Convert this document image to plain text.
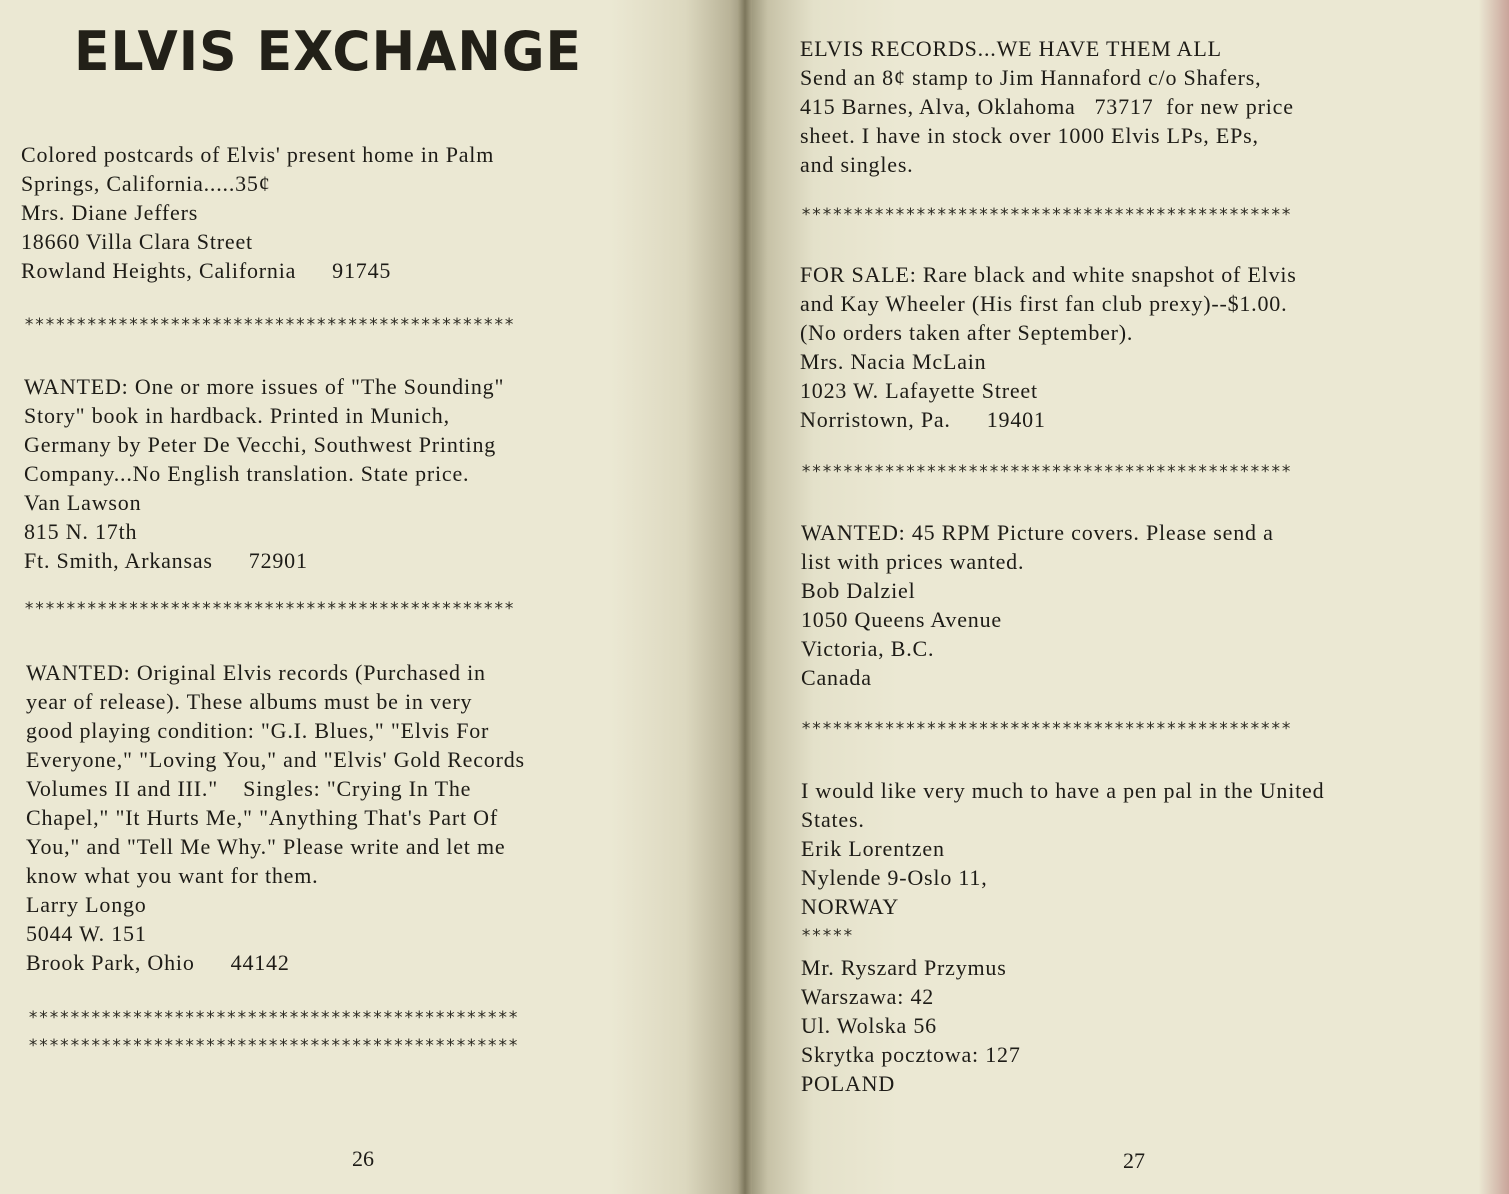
ELVIS EXCHANGE

Colored postcards of Elvis' present home in Palm

Springs, California.....35¢

Mrs. Diane Jeffers

18660 Villa Clara Street

Rowland Heights, California 91745

***********************************************

WANTED: One or more issues of "The Sounding"

Story" book in hardback. Printed in Munich,

Germany by Peter De Vecchi, Southwest Printing

Company...No English translation. State price.

Van Lawson

815 N. 17th

Ft. Smith, Arkansas 72901

***********************************************

WANTED: Original Elvis records (Purchased in

year of release). These albums must be in very

good playing condition: "G.I. Blues," "Elvis For

Everyone," "Loving You," and "Elvis' Gold Records

Volumes II and III."    Singles: "Crying In The

Chapel," "It Hurts Me," "Anything That's Part Of

You," and "Tell Me Why." Please write and let me

know what you want for them.

Larry Longo

5044 W. 151

Brook Park, Ohio 44142

***********************************************
***********************************************
26

ELVIS RECORDS...WE HAVE THEM ALL

Send an 8¢ stamp to Jim Hannaford c/o Shafers,

415 Barnes, Alva, Oklahoma   73717  for new price

sheet. I have in stock over 1000 Elvis LPs, EPs,

and singles.

***********************************************

FOR SALE: Rare black and white snapshot of Elvis

and Kay Wheeler (His first fan club prexy)--$1.00.

(No orders taken after September).

Mrs. Nacia McLain

1023 W. Lafayette Street

Norristown, Pa. 19401

***********************************************

WANTED: 45 RPM Picture covers. Please send a

list with prices wanted.

Bob Dalziel

1050 Queens Avenue

Victoria, B.C.

Canada

***********************************************

I would like very much to have a pen pal in the United

States.

Erik Lorentzen

Nylende 9-Oslo 11,

NORWAY

*****

Mr. Ryszard Przymus

Warszawa: 42

Ul. Wolska 56

Skrytka pocztowa: 127

POLAND

27
